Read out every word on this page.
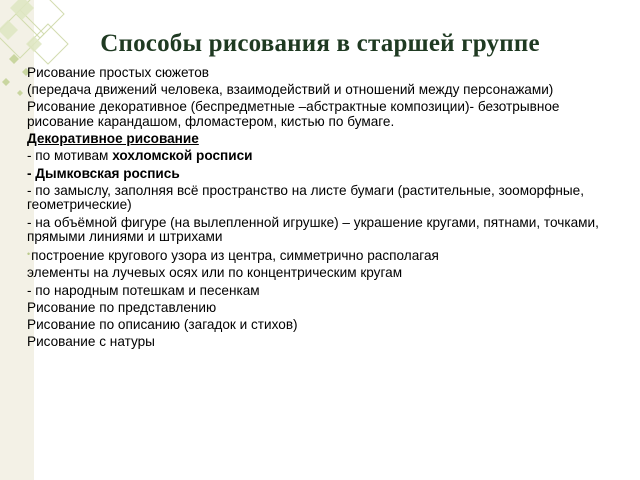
Способы рисования в старшей группе

Рисование простых сюжетов

(передача движений человека, взаимодействий и отношений между персонажами)

Рисование декоративное (беспредметные –абстрактные композиции)- безотрывное рисование карандашом, фломастером, кистью по бумаге.

Декоративное рисование

- по мотивам хохломской росписи

- Дымковская роспись

- по замыслу, заполняя всё пространство на листе бумаги (растительные, зооморфные, геометрические)

- на объёмной фигуре (на вылепленной игрушке) – украшение кругами, пятнами, точками, прямыми линиями и штрихами

•построение кругового узора из центра, симметрично располагая

элементы на лучевых осях или по концентрическим кругам

- по народным потешкам и песенкам

Рисование по представлению

Рисование по описанию (загадок и стихов)

Рисование с натуры
